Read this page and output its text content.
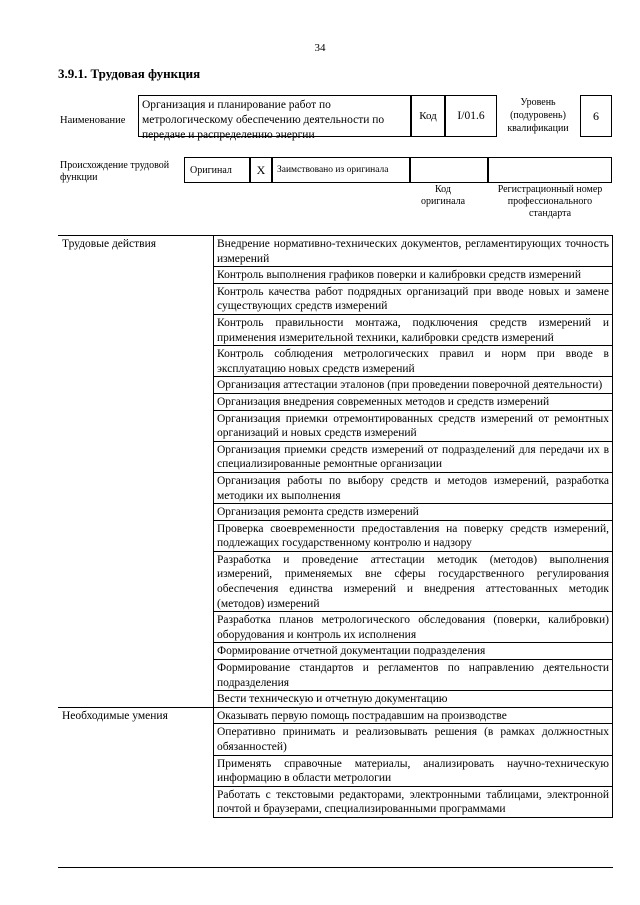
34
3.9.1. Трудовая функция
Наименование
Организация и планирование работ по метрологическому обеспечению деятельности по передаче и распределению энергии
Код	I/01.6
Уровень (подуровень) квалификации
6
Происхождение трудовой функции
Оригинал	X	Заимствовано из оригинала
Код оригинала
Регистрационный номер профессионального стандарта
Трудовые действия	Внедрение нормативно-технических документов, регламентирующих точность измерений
	Контроль выполнения графиков поверки и калибровки средств измерений
	Контроль качества работ подрядных организаций при вводе новых и замене существующих средств измерений
	Контроль правильности монтажа, подключения средств измерений и применения измерительной техники, калибровки средств измерений
	Контроль соблюдения метрологических правил и норм при вводе в эксплуатацию новых средств измерений
	Организация аттестации эталонов (при проведении поверочной деятельности)
	Организация внедрения современных методов и средств измерений
	Организация приемки отремонтированных средств измерений от ремонтных организаций и новых средств измерений
	Организация приемки средств измерений от подразделений для передачи их в специализированные ремонтные организации
	Организация работы по выбору средств и методов измерений, разработка методики их выполнения
	Организация ремонта средств измерений
	Проверка своевременности предоставления на поверку средств измерений, подлежащих государственному контролю и надзору
	Разработка и проведение аттестации методик (методов) выполнения измерений, применяемых вне сферы государственного регулирования обеспечения единства измерений и внедрения аттестованных методик (методов) измерений
	Разработка планов метрологического обследования (поверки, калибровки) оборудования и контроль их исполнения
	Формирование отчетной документации подразделения
	Формирование стандартов и регламентов по направлению деятельности подразделения
	Вести техническую и отчетную документацию
Необходимые умения	Оказывать первую помощь пострадавшим на производстве
	Оперативно принимать и реализовывать решения (в рамках должностных обязанностей)
	Применять справочные материалы, анализировать научно-техническую информацию в области метрологии
	Работать с текстовыми редакторами, электронными таблицами, электронной почтой и браузерами, специализированными программами
